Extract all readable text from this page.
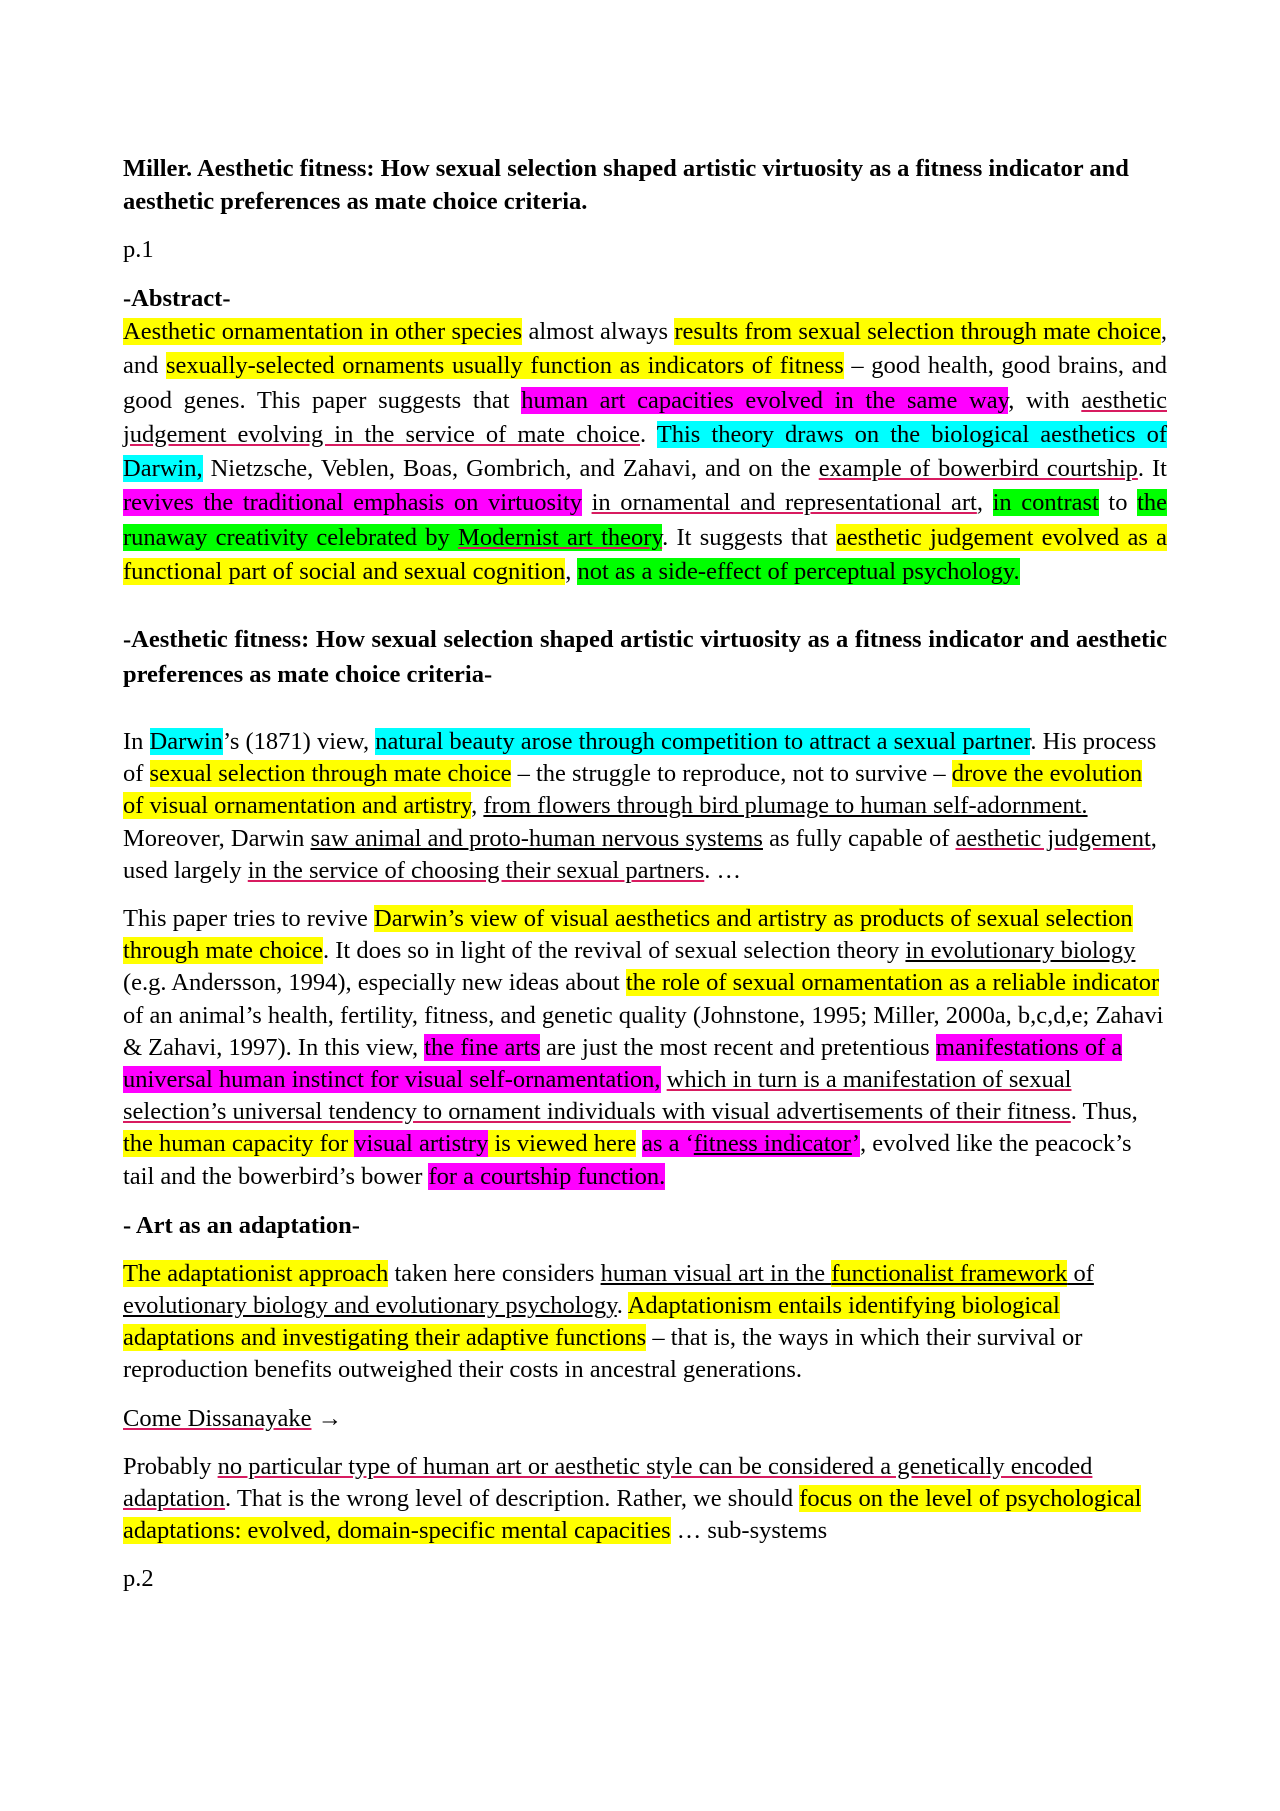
Miller. Aesthetic fitness: How sexual selection shaped artistic virtuosity as a fitness indicator and aesthetic preferences as mate choice criteria.

p.1

-Abstract-

Aesthetic ornamentation in other species almost always results from sexual selection through mate choice, and sexually-selected ornaments usually function as indicators of fitness – good health, good brains, and good genes. This paper suggests that human art capacities evolved in the same way, with aesthetic judgement evolving in the service of mate choice. This theory draws on the biological aesthetics of Darwin, Nietzsche, Veblen, Boas, Gombrich, and Zahavi, and on the example of bowerbird courtship. It revives the traditional emphasis on virtuosity in ornamental and representational art, in contrast to the runaway creativity celebrated by Modernist art theory. It suggests that aesthetic judgement evolved as a functional part of social and sexual cognition, not as a side-effect of perceptual psychology.

-Aesthetic fitness: How sexual selection shaped artistic virtuosity as a fitness indicator and aesthetic preferences as mate choice criteria-

In Darwin’s (1871) view, natural beauty arose through competition to attract a sexual partner. His process of sexual selection through mate choice – the struggle to reproduce, not to survive – drove the evolution of visual ornamentation and artistry, from flowers through bird plumage to human self-adornment. Moreover, Darwin saw animal and proto-human nervous systems as fully capable of aesthetic judgement, used largely in the service of choosing their sexual partners. …

This paper tries to revive Darwin’s view of visual aesthetics and artistry as products of sexual selection through mate choice. It does so in light of the revival of sexual selection theory in evolutionary biology (e.g. Andersson, 1994), especially new ideas about the role of sexual ornamentation as a reliable indicator of an animal’s health, fertility, fitness, and genetic quality (Johnstone, 1995; Miller, 2000a, b,c,d,e; Zahavi & Zahavi, 1997). In this view, the fine arts are just the most recent and pretentious manifestations of a universal human instinct for visual self-ornamentation, which in turn is a manifestation of sexual selection’s universal tendency to ornament individuals with visual advertisements of their fitness. Thus, the human capacity for visual artistry is viewed here as a ‘fitness indicator’, evolved like the peacock’s tail and the bowerbird’s bower for a courtship function.

- Art as an adaptation-

The adaptationist approach taken here considers human visual art in the functionalist framework of evolutionary biology and evolutionary psychology. Adaptationism entails identifying biological adaptations and investigating their adaptive functions – that is, the ways in which their survival or reproduction benefits outweighed their costs in ancestral generations.

Come Dissanayake →

Probably no particular type of human art or aesthetic style can be considered a genetically encoded adaptation. That is the wrong level of description. Rather, we should focus on the level of psychological adaptations: evolved, domain-specific mental capacities … sub-systems

p.2
